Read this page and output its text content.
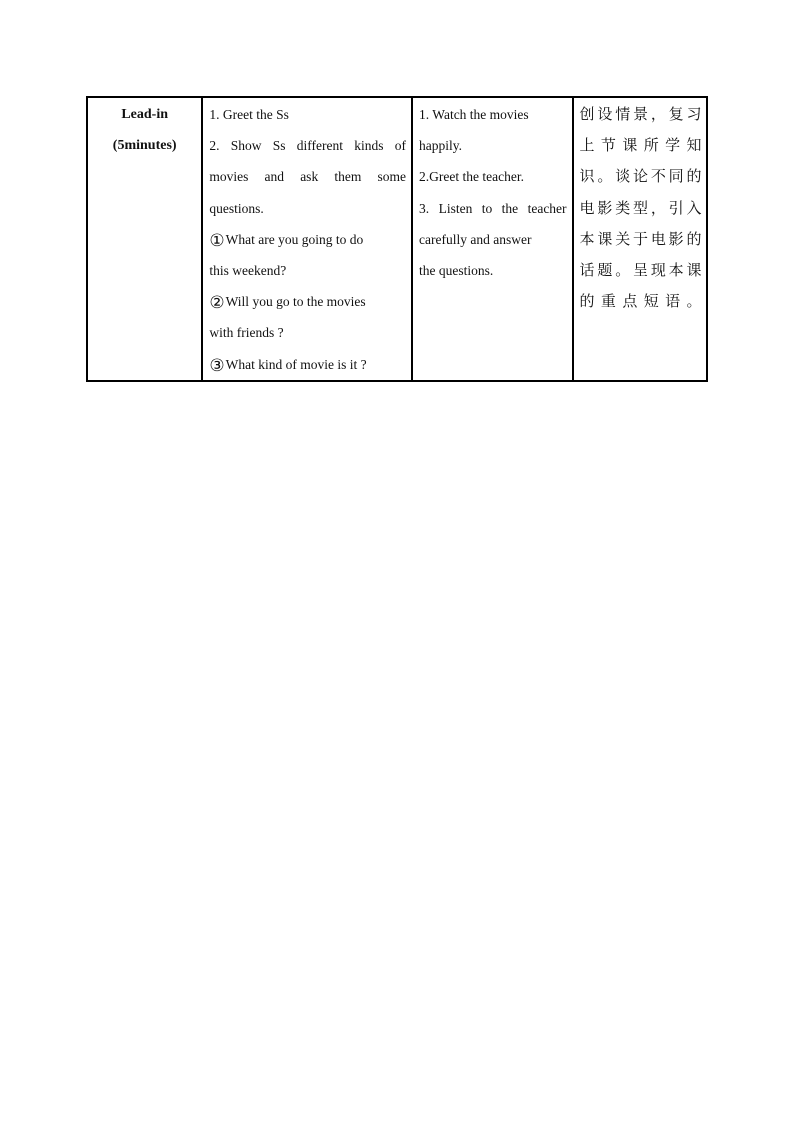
Lead-in
(5minutes)

1. Greet the Ss
2. Show Ss different kinds of
movies and ask them some
questions.
①What are you going to do
this weekend?
②Will you go to the movies
with friends ?
③What kind of movie is it ?

1. Watch the movies
happily.
2.Greet the teacher.
3. Listen to the teacher
carefully and answer
the questions.

创设情景，复习
上节课所学知
识。谈论不同的
电影类型，引入
本课关于电影的
话题。呈现本课
的重点短语。
